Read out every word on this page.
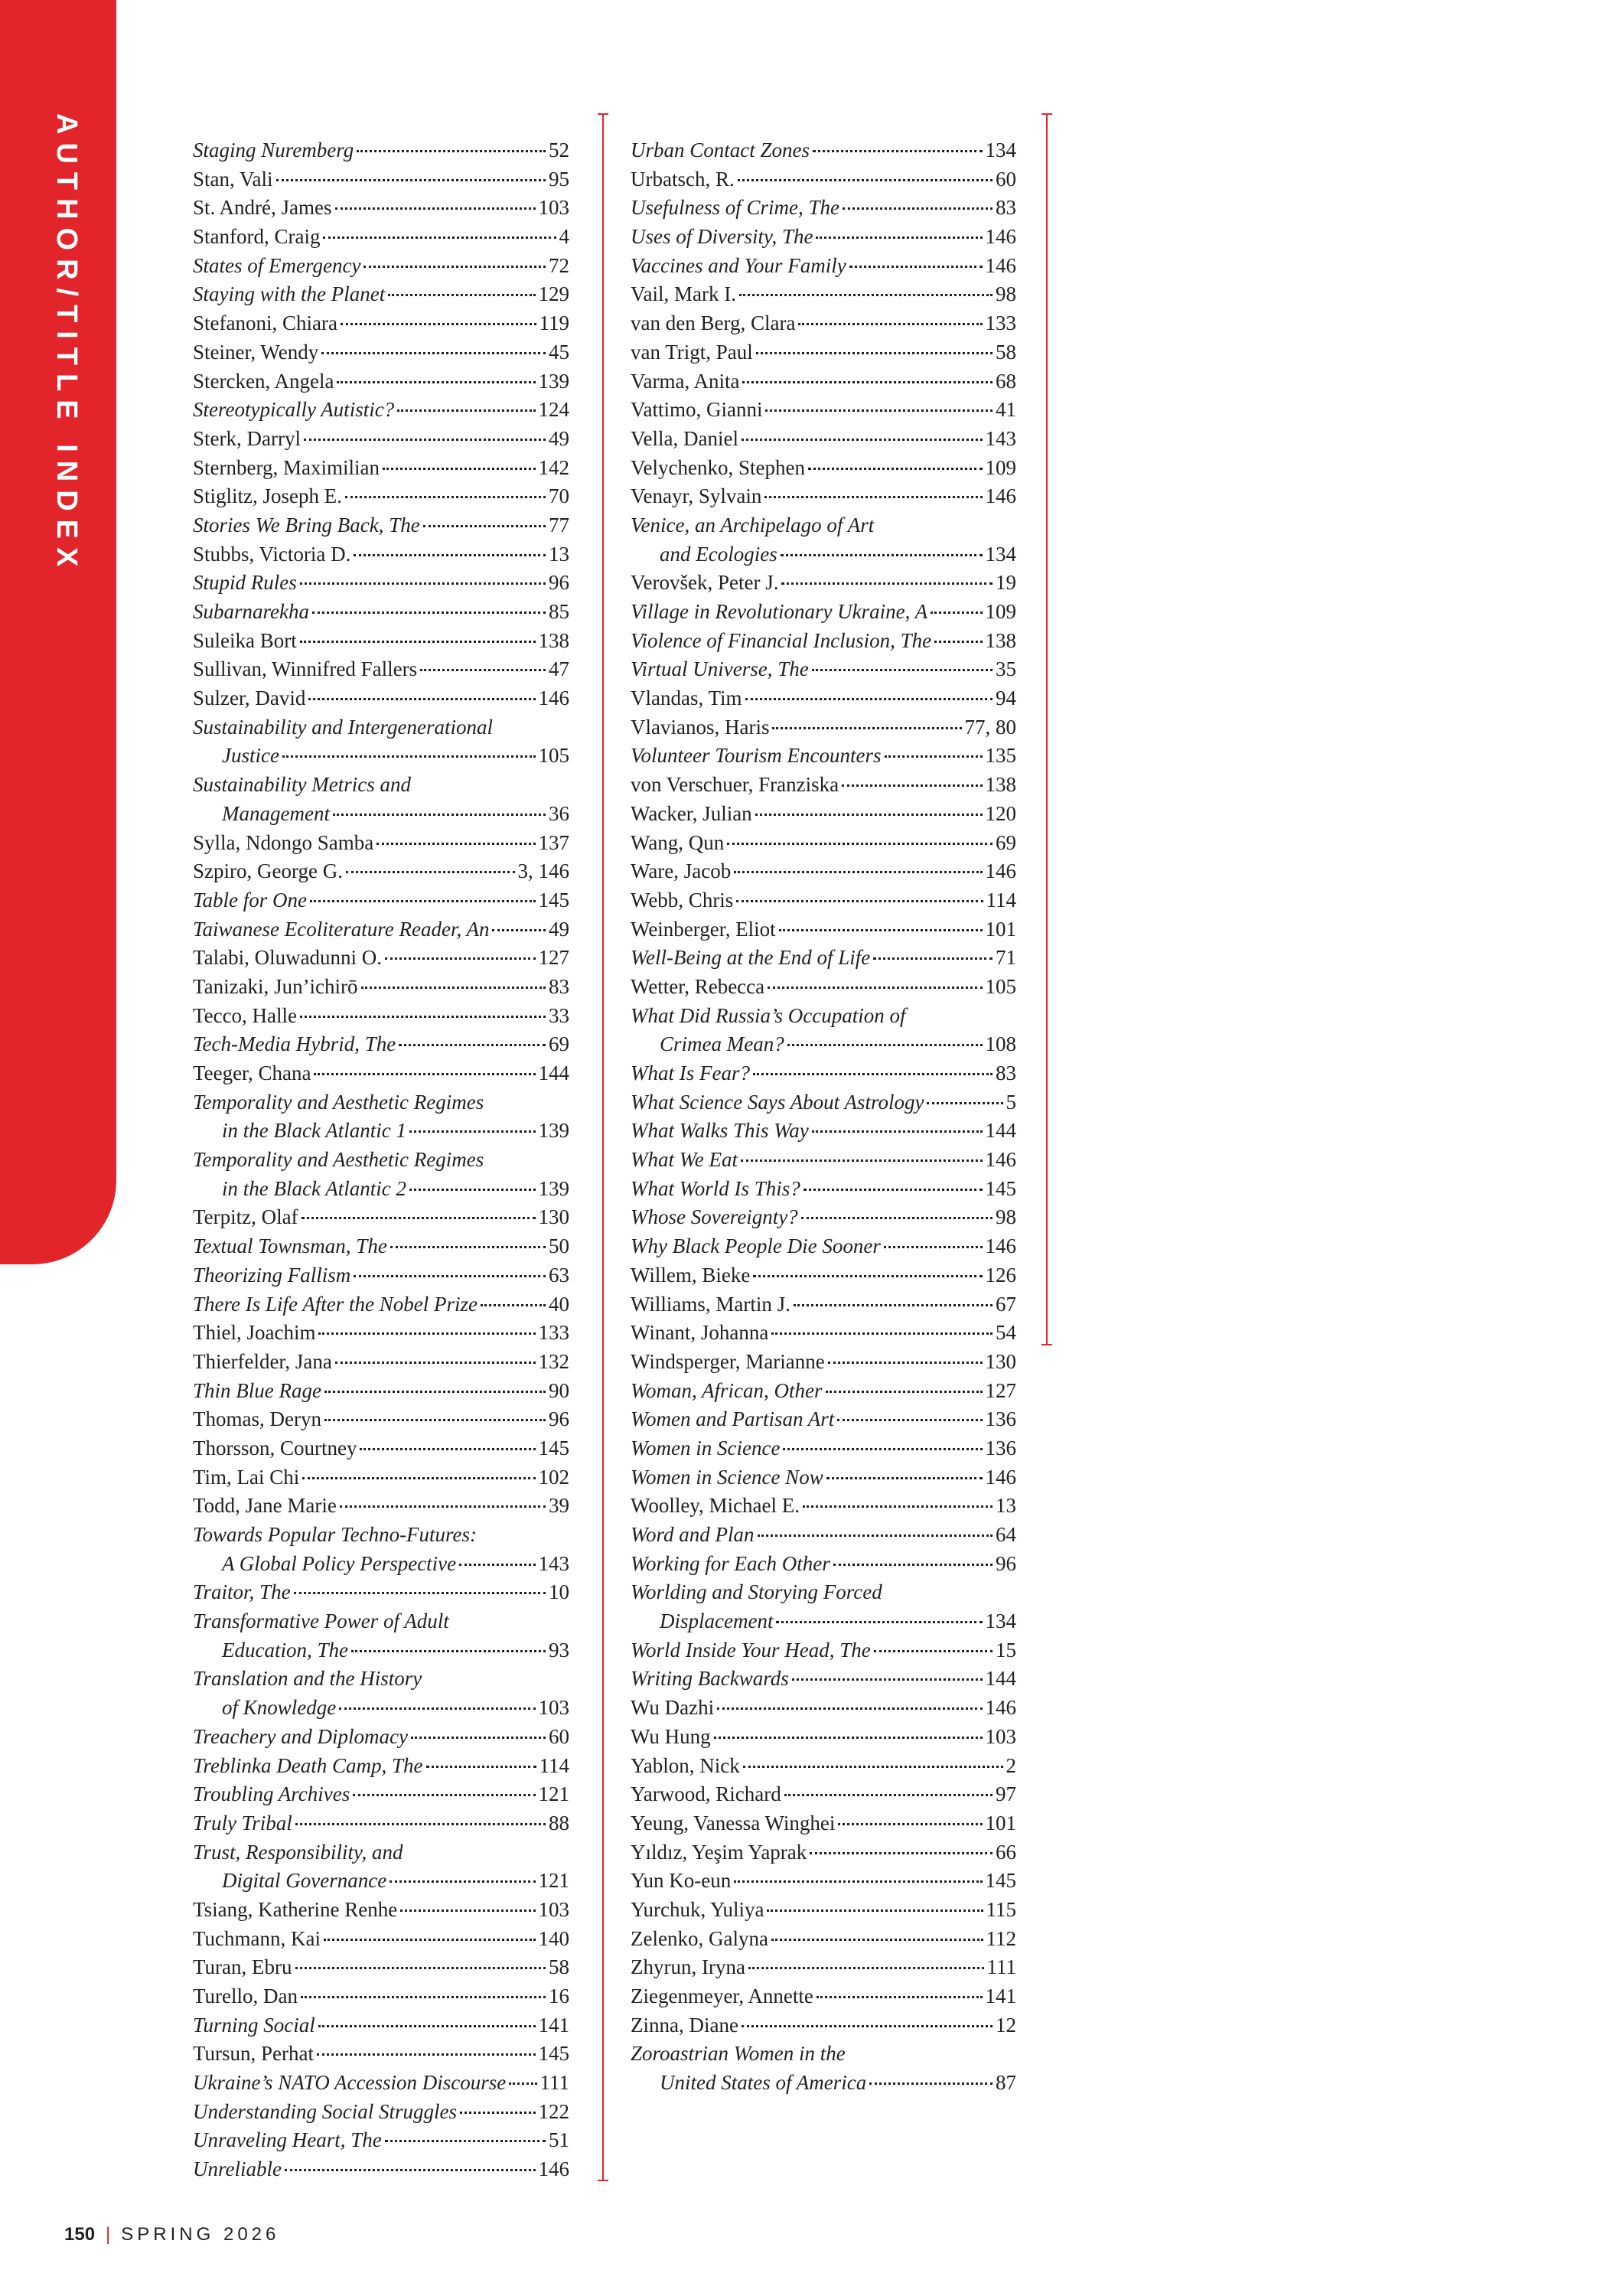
AUTHOR/TITLE INDEX	Staging Nuremberg	52
Stan, Vali	95
St. André, James	103
Stanford, Craig	4
States of Emergency	72
Staying with the Planet	129
Stefanoni, Chiara	119
Steiner, Wendy	45
Stercken, Angela	139
Stereotypically Autistic?	124
Sterk, Darryl	49
Sternberg, Maximilian	142
Stiglitz, Joseph E.	70
Stories We Bring Back, The	77
Stubbs, Victoria D.	13
Stupid Rules	96
Subarnarekha	85
Suleika Bort	138
Sullivan, Winnifred Fallers	47
Sulzer, David	146
Sustainability and Intergenerational
Justice	105
Sustainability Metrics and
Management	36
Sylla, Ndongo Samba	137
Szpiro, George G.	3, 146
Table for One	145
Taiwanese Ecoliterature Reader, An	49
Talabi, Oluwadunni O.	127
Tanizaki, Jun’ichirō	83
Tecco, Halle	33
Tech-Media Hybrid, The	69
Teeger, Chana	144
Temporality and Aesthetic Regimes
in the Black Atlantic 1	139
Temporality and Aesthetic Regimes
in the Black Atlantic 2	139
Terpitz, Olaf	130
Textual Townsman, The	50
Theorizing Fallism	63
There Is Life After the Nobel Prize	40
Thiel, Joachim	133
Thierfelder, Jana	132
Thin Blue Rage	90
Thomas, Deryn	96
Thorsson, Courtney	145
Tim, Lai Chi	102
Todd, Jane Marie	39
Towards Popular Techno-Futures:
A Global Policy Perspective	143
Traitor, The	10
Transformative Power of Adult
Education, The	93
Translation and the History
of Knowledge	103
Treachery and Diplomacy	60
Treblinka Death Camp, The	114
Troubling Archives	121
Truly Tribal	88
Trust, Responsibility, and
Digital Governance	121
Tsiang, Katherine Renhe	103
Tuchmann, Kai	140
Turan, Ebru	58
Turello, Dan	16
Turning Social	141
Tursun, Perhat	145
Ukraine’s NATO Accession Discourse 111
Understanding Social Struggles	122
Unraveling Heart, The	51
Unreliable	146
Urban Contact Zones	134
Urbatsch, R.	60
Usefulness of Crime, The	83
Uses of Diversity, The	146
Vaccines and Your Family	146
Vail, Mark I.	98
van den Berg, Clara	133
van Trigt, Paul	58
Varma, Anita	68
Vattimo, Gianni	41
Vella, Daniel	143
Velychenko, Stephen	109
Venayr, Sylvain	146
Venice, an Archipelago of Art
and Ecologies	134
Verovšek, Peter J.	19
Village in Revolutionary Ukraine, A	109
Violence of Financial Inclusion, The	138
Virtual Universe, The	35
Vlandas, Tim	94
Vlavianos, Haris	77, 80
Volunteer Tourism Encounters	135
von Verschuer, Franziska	138
Wacker, Julian	120
Wang, Qun	69
Ware, Jacob	146
Webb, Chris	114
Weinberger, Eliot	101
Well-Being at the End of Life	71
Wetter, Rebecca	105
What Did Russia’s Occupation of
Crimea Mean?	108
What Is Fear?	83
What Science Says About Astrology	5
What Walks This Way	144
What We Eat	146
What World Is This?	145
Whose Sovereignty?	98
Why Black People Die Sooner	146
Willem, Bieke	126
Williams, Martin J.	67
Winant, Johanna	54
Windsperger, Marianne	130
Woman, African, Other	127
Women and Partisan Art	136
Women in Science	136
Women in Science Now	146
Woolley, Michael E.	13
Word and Plan	64
Working for Each Other	96
Worlding and Storying Forced
Displacement	134
World Inside Your Head, The	15
Writing Backwards	144
Wu Dazhi	146
Wu Hung	103
Yablon, Nick	2
Yarwood, Richard	97
Yeung, Vanessa Winghei	101
Yıldız, Yeşim Yaprak	66
Yun Ko-eun	145
Yurchuk, Yuliya	115
Zelenko, Galyna	112
Zhyrun, Iryna	111
Ziegenmeyer, Annette	141
Zinna, Diane	12
Zoroastrian Women in the
United States of America	87
150 | SPRING 2026
